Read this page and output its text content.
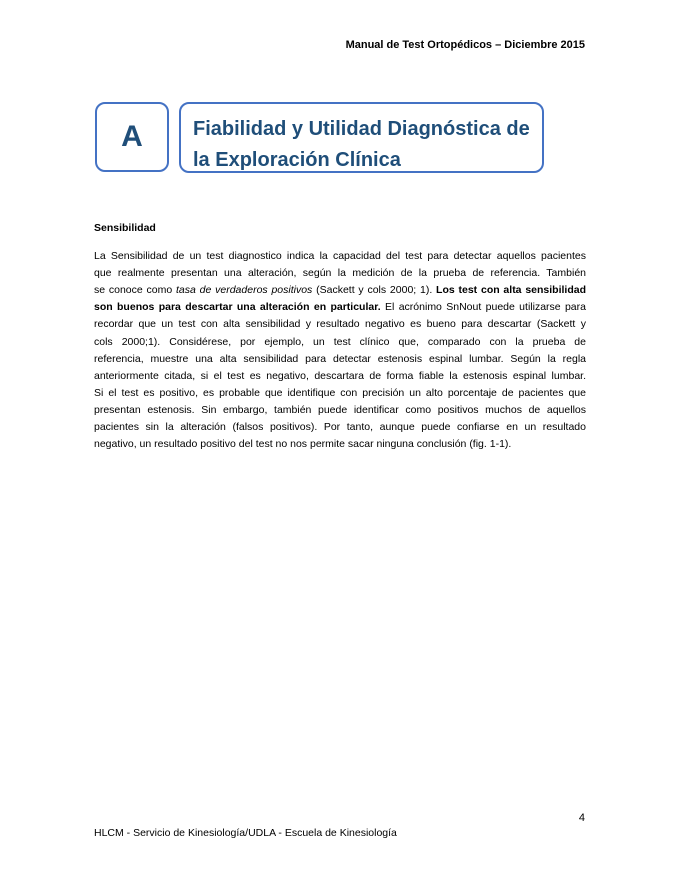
Manual de Test Ortopédicos – Diciembre 2015
A	Fiabilidad y Utilidad Diagnóstica de
la Exploración Clínica
Sensibilidad
La Sensibilidad de un test diagnostico indica la capacidad del test para detectar aquellos pacientes
que realmente presentan una alteración, según la medición de la prueba de referencia. También
se conoce como tasa de verdaderos positivos (Sackett y cols 2000; 1). Los test con alta sensibilidad
son buenos para descartar una alteración en particular. El acrónimo SnNout puede utilizarse para
recordar que un test con alta sensibilidad y resultado negativo es bueno para descartar (Sackett y
cols 2000;1). Considérese, por ejemplo, un test clínico que, comparado con la prueba de
referencia, muestre una alta sensibilidad para detectar estenosis espinal lumbar. Según la regla
anteriormente citada, si el test es negativo, descartara de forma fiable la estenosis espinal lumbar.
Si el test es positivo, es probable que identifique con precisión un alto porcentaje de pacientes que
presentan estenosis. Sin embargo, también puede identificar como positivos muchos de aquellos
pacientes sin la alteración (falsos positivos). Por tanto, aunque puede confiarse en un resultado
negativo, un resultado positivo del test no nos permite sacar ninguna conclusión (fig. 1-1).
4
HLCM - Servicio de Kinesiología/UDLA - Escuela de Kinesiología
